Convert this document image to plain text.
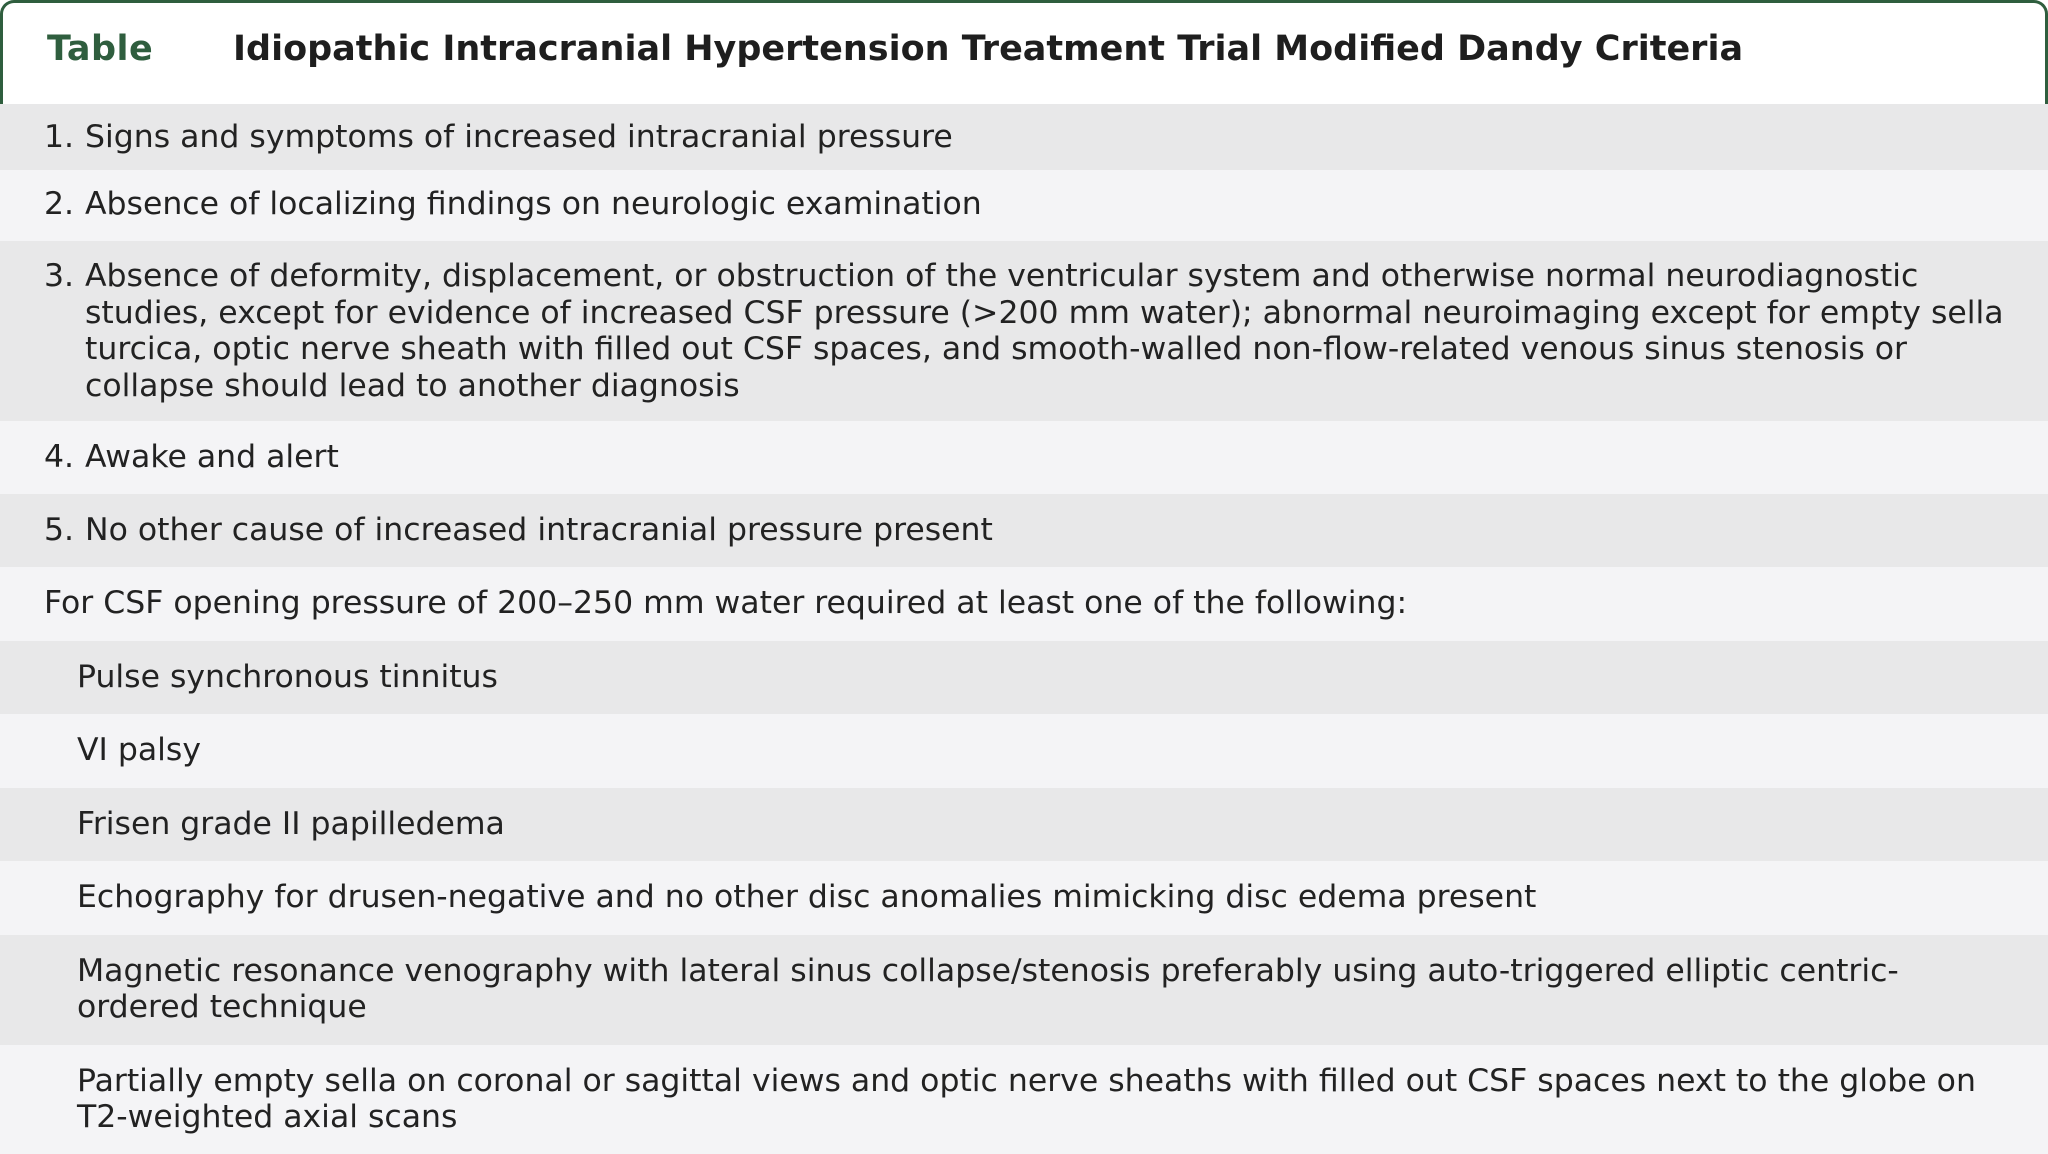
Table Idiopathic Intracranial Hypertension Treatment Trial Modified Dandy Criteria
1. Signs and symptoms of increased intracranial pressure
2. Absence of localizing findings on neurologic examination
3. Absence of deformity, displacement, or obstruction of the ventricular system and otherwise normal neurodiagnostic studies, except for evidence of increased CSF pressure (>200 mm water); abnormal neuroimaging except for empty sella turcica, optic nerve sheath with filled out CSF spaces, and smooth-walled non-flow-related venous sinus stenosis or collapse should lead to another diagnosis
4. Awake and alert
5. No other cause of increased intracranial pressure present
For CSF opening pressure of 200–250 mm water required at least one of the following:
Pulse synchronous tinnitus
VI palsy
Frisen grade II papilledema
Echography for drusen-negative and no other disc anomalies mimicking disc edema present
Magnetic resonance venography with lateral sinus collapse/stenosis preferably using auto-triggered elliptic centric-ordered technique
Partially empty sella on coronal or sagittal views and optic nerve sheaths with filled out CSF spaces next to the globe on T2-weighted axial scans
